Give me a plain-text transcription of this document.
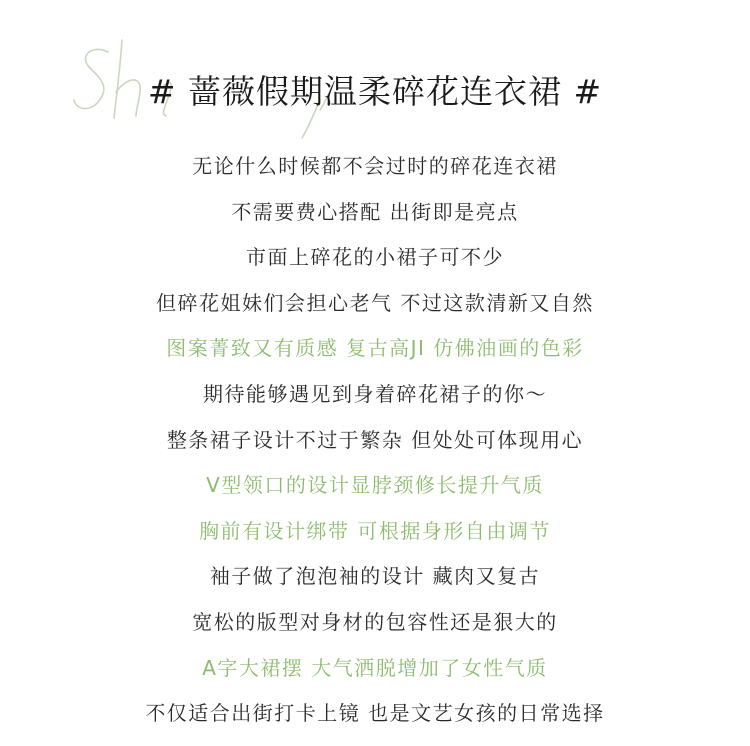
# 蔷薇假期温柔碎花连衣裙 #
无论什么时候都不会过时的碎花连衣裙
不需要费心搭配 出街即是亮点
市面上碎花的小裙子可不少
但碎花姐妹们会担心老气 不过这款清新又自然
图案菁致又有质感 复古高JI 仿佛油画的色彩
期待能够遇见到身着碎花裙子的你～
整条裙子设计不过于繁杂 但处处可体现用心
V型领口的设计显脖颈修长提升气质
胸前有设计绑带 可根据身形自由调节
袖子做了泡泡袖的设计 藏肉又复古
宽松的版型对身材的包容性还是狠大的
A字大裙摆 大气洒脱增加了女性气质
不仅适合出街打卡上镜 也是文艺女孩的日常选择
